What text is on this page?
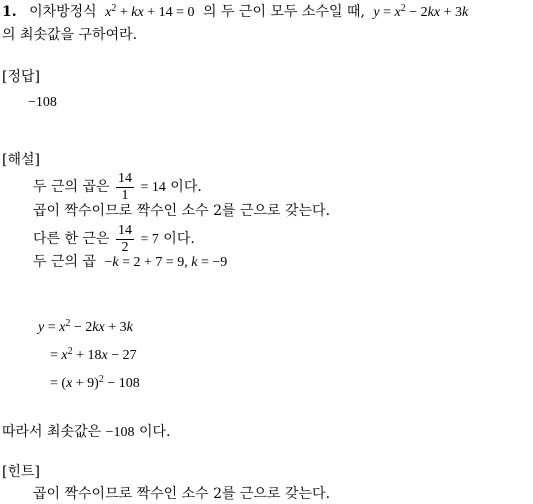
1. 이차방정식 $x^2$ + kx + 14 = 0 의 두 근이 모두 소수일 때, $y = x^2 - 2kx + 3k$
의 최솟값을 구하여라.
[정답]
−108
[해설]
두 근의 곱은 $\frac{14}{1} = 14$ 이다.
곱이 짝수이므로 짝수인 소수 2를 근으로 갖는다.
다른 한 근은 $\frac{14}{2} = 7$ 이다.
두 근의 곱 −k = 2 + 7 = 9, k = −9
$y = x^2 - 2kx + 3k$
= $x^2 + 18x - 27$
= $(x + 9)^2 - 108$
따라서 최솟값은 −108 이다.
[힌트]
곱이 짝수이므로 짝수인 소수 2를 근으로 갖는다.
